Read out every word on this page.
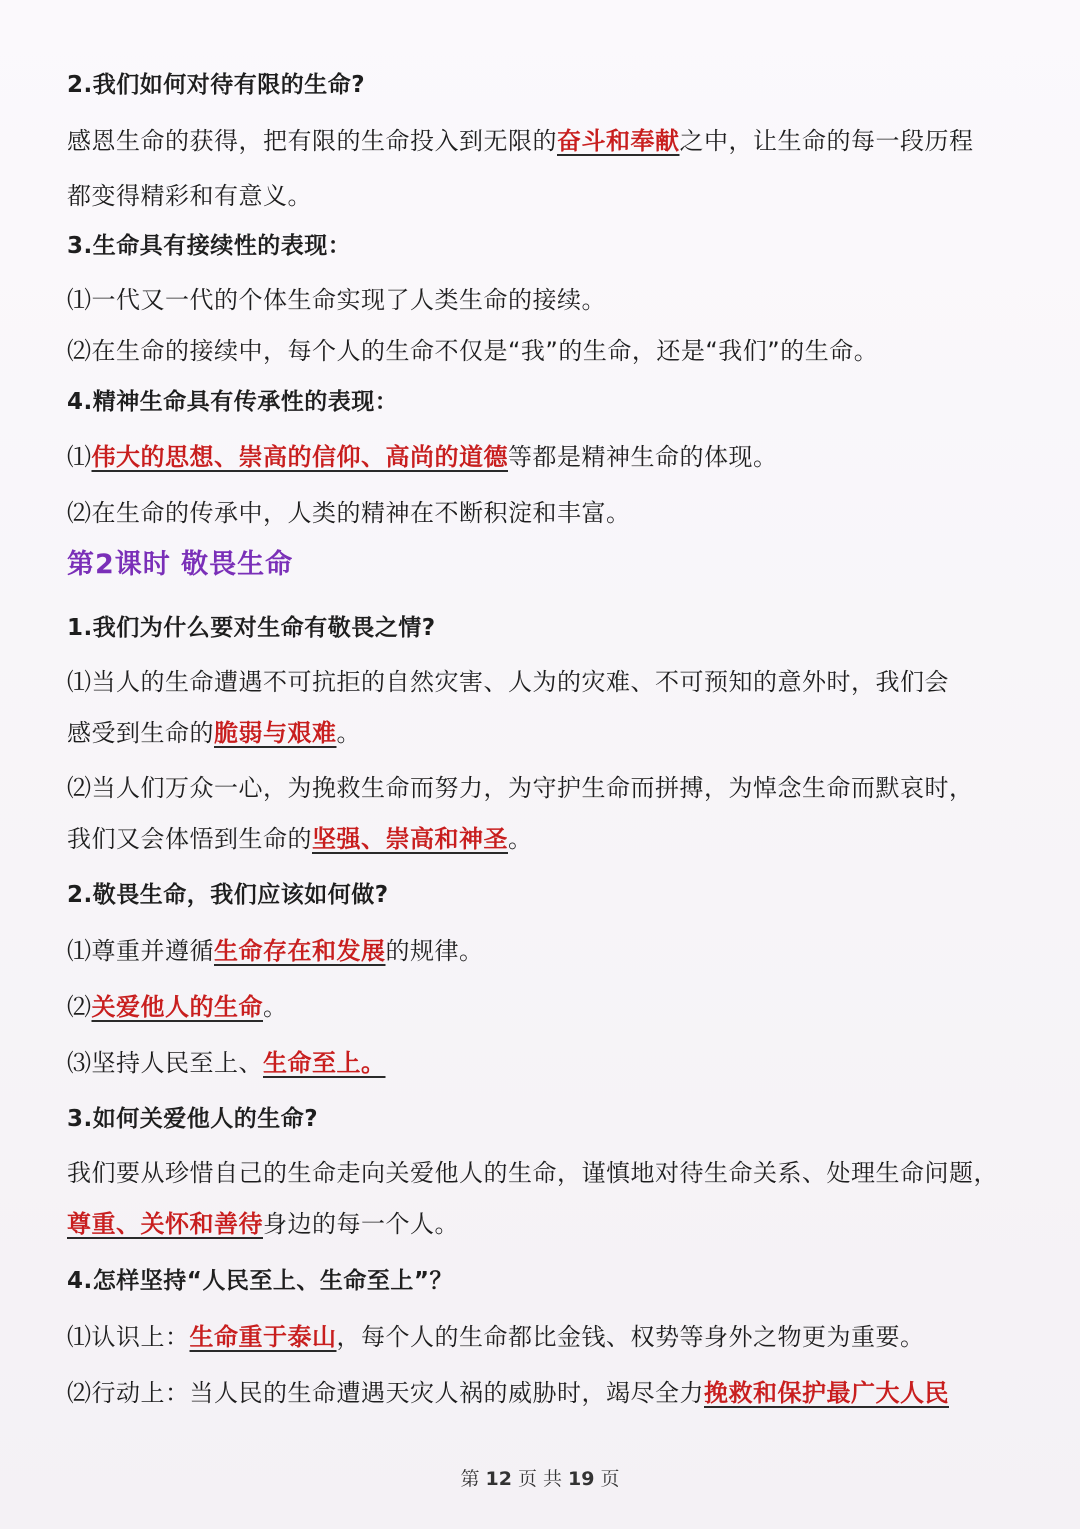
2.我们如何对待有限的生命?
感恩生命的获得，把有限的生命投入到无限的奋斗和奉献之中，让生命的每一段历程
都变得精彩和有意义。
3.生命具有接续性的表现：
⑴一代又一代的个体生命实现了人类生命的接续。
⑵在生命的接续中，每个人的生命不仅是“我”的生命，还是“我们”的生命。
4.精神生命具有传承性的表现：
⑴伟大的思想、崇高的信仰、高尚的道德等都是精神生命的体现。
⑵在生命的传承中，人类的精神在不断积淀和丰富。
第2课时 敬畏生命
1.我们为什么要对生命有敬畏之情?
⑴当人的生命遭遇不可抗拒的自然灾害、人为的灾难、不可预知的意外时，我们会
感受到生命的脆弱与艰难。
⑵当人们万众一心，为挽救生命而努力，为守护生命而拼搏，为悼念生命而默哀时，
我们又会体悟到生命的坚强、崇高和神圣。
2.敬畏生命，我们应该如何做?
⑴尊重并遵循生命存在和发展的规律。
⑵关爱他人的生命。
⑶坚持人民至上、生命至上。
3.如何关爱他人的生命?
我们要从珍惜自己的生命走向关爱他人的生命，谨慎地对待生命关系、处理生命问题，
尊重、关怀和善待身边的每一个人。
4.怎样坚持“人民至上、生命至上”？
⑴认识上：生命重于泰山，每个人的生命都比金钱、权势等身外之物更为重要。
⑵行动上：当人民的生命遭遇天灾人祸的威胁时，竭尽全力挽救和保护最广大人民
第 12 页 共 19 页
